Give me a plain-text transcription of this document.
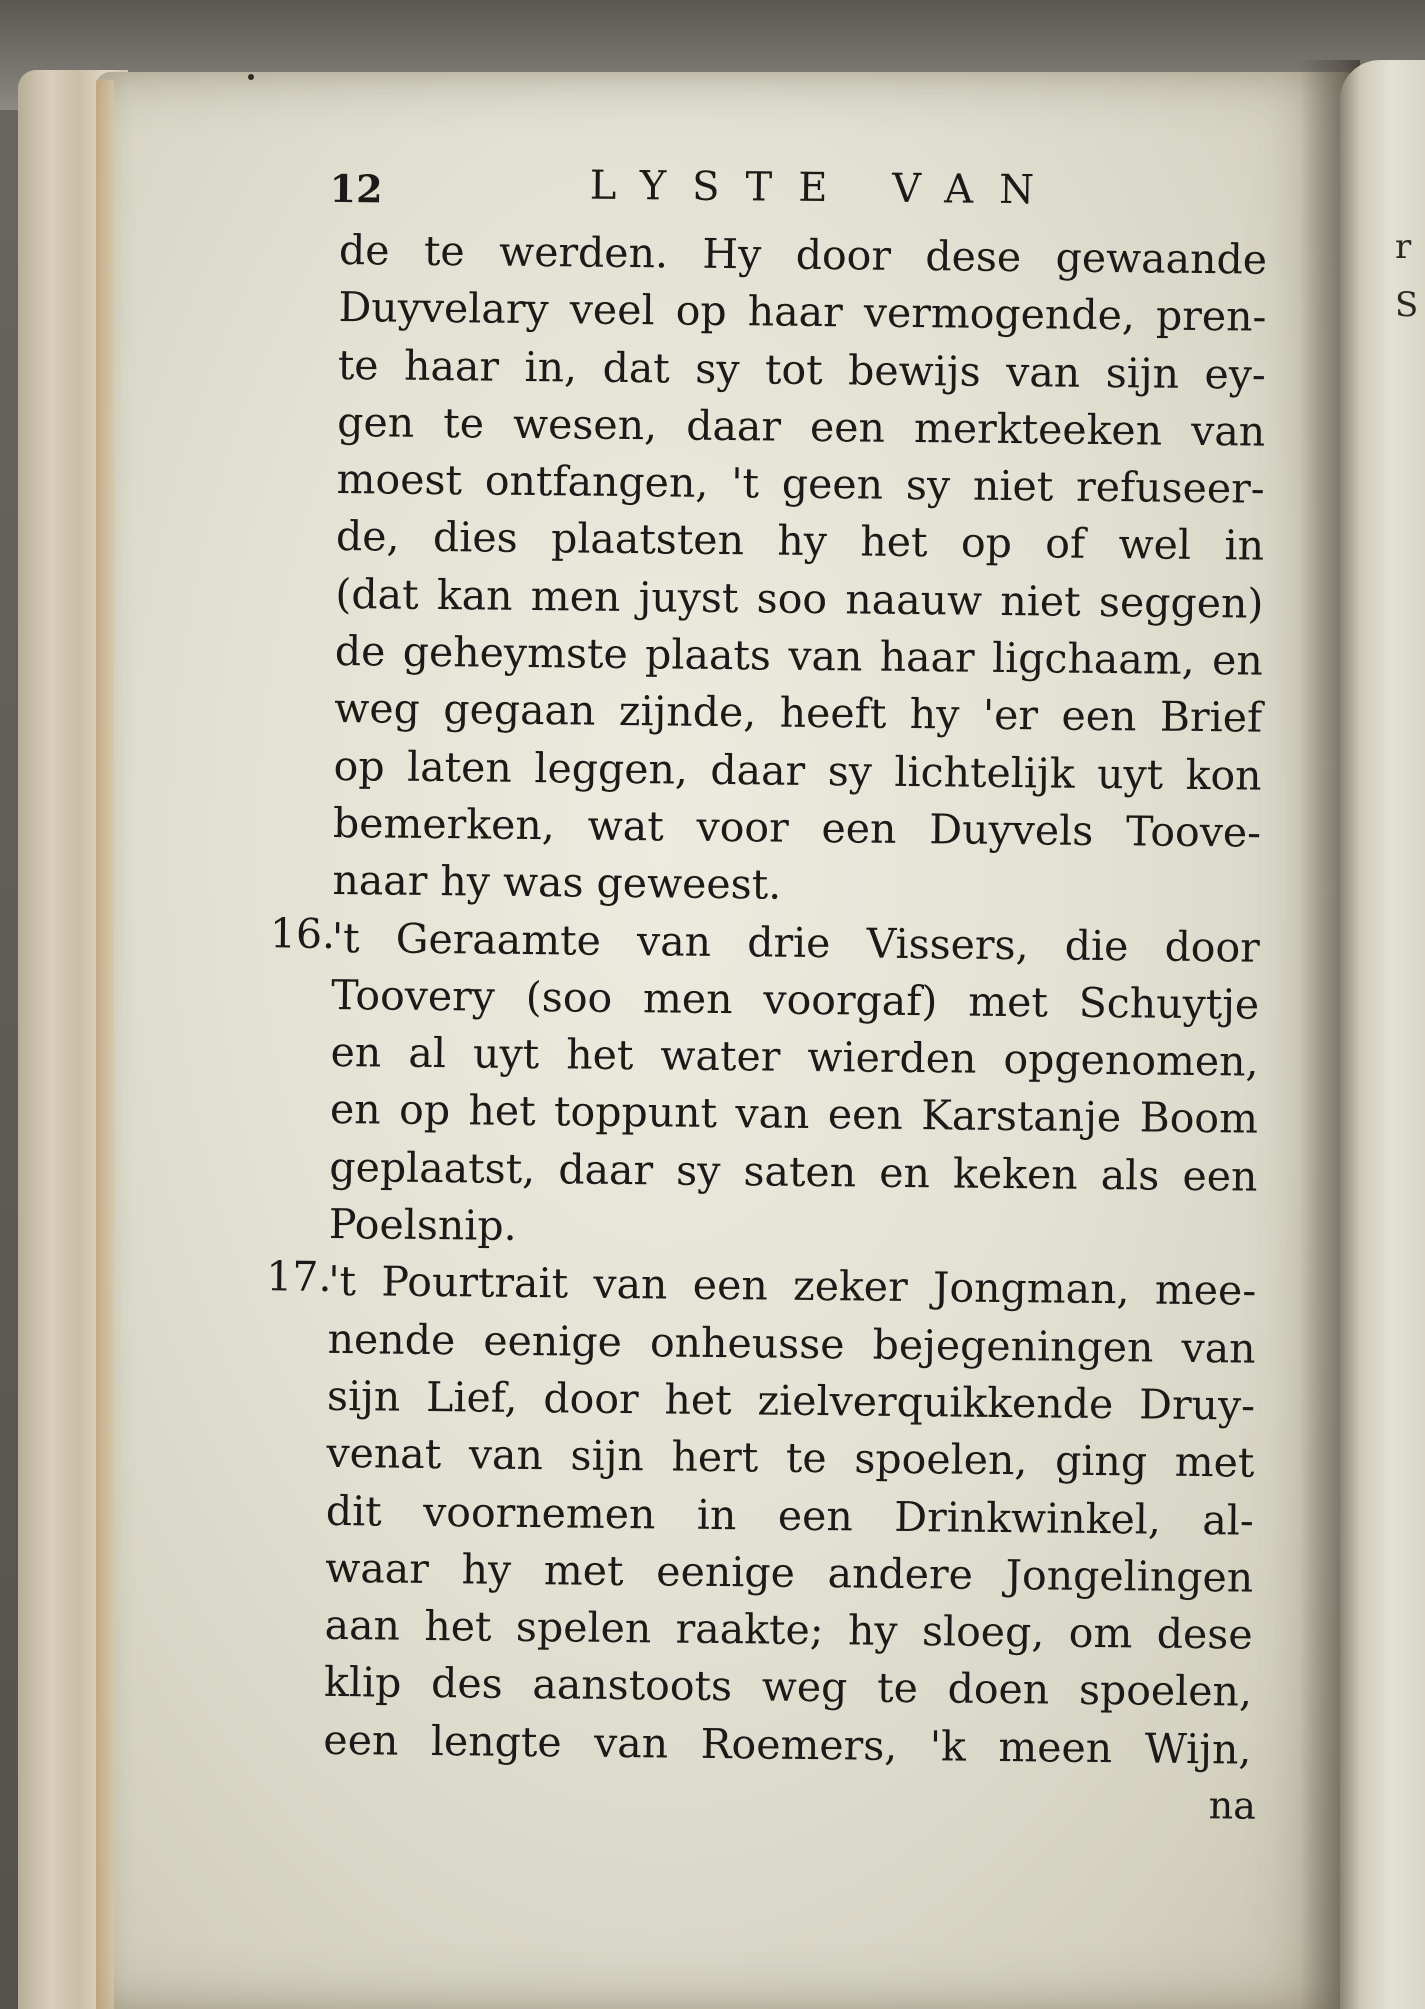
r
S
12	LYSTE VAN
de te werden. Hy door dese gewaande
Duyvelary veel op haar vermogende, pren-
te haar in, dat sy tot bewijs van sijn ey-
gen te wesen, daar een merkteeken van
moest ontfangen, 't geen sy niet refuseer-
de, dies plaatsten hy het op of wel in
(dat kan men juyst soo naauw niet seggen)
de geheymste plaats van haar ligchaam, en
weg gegaan zijnde, heeft hy 'er een Brief
op laten leggen, daar sy lichtelijk uyt kon
bemerken, wat voor een Duyvels Toove-
naar hy was geweest.
16.
't Geraamte van drie Vissers, die door
Toovery (soo men voorgaf) met Schuytje
en al uyt het water wierden opgenomen,
en op het toppunt van een Karstanje Boom
geplaatst, daar sy saten en keken als een
Poelsnip.
17.
't Pourtrait van een zeker Jongman, mee-
nende eenige onheusse bejegeningen van
sijn Lief, door het zielverquikkende Druy-
venat van sijn hert te spoelen, ging met
dit voornemen in een Drinkwinkel, al-
waar hy met eenige andere Jongelingen
aan het spelen raakte; hy sloeg, om dese
klip des aanstoots weg te doen spoelen,
een lengte van Roemers, 'k meen Wijn,
na
